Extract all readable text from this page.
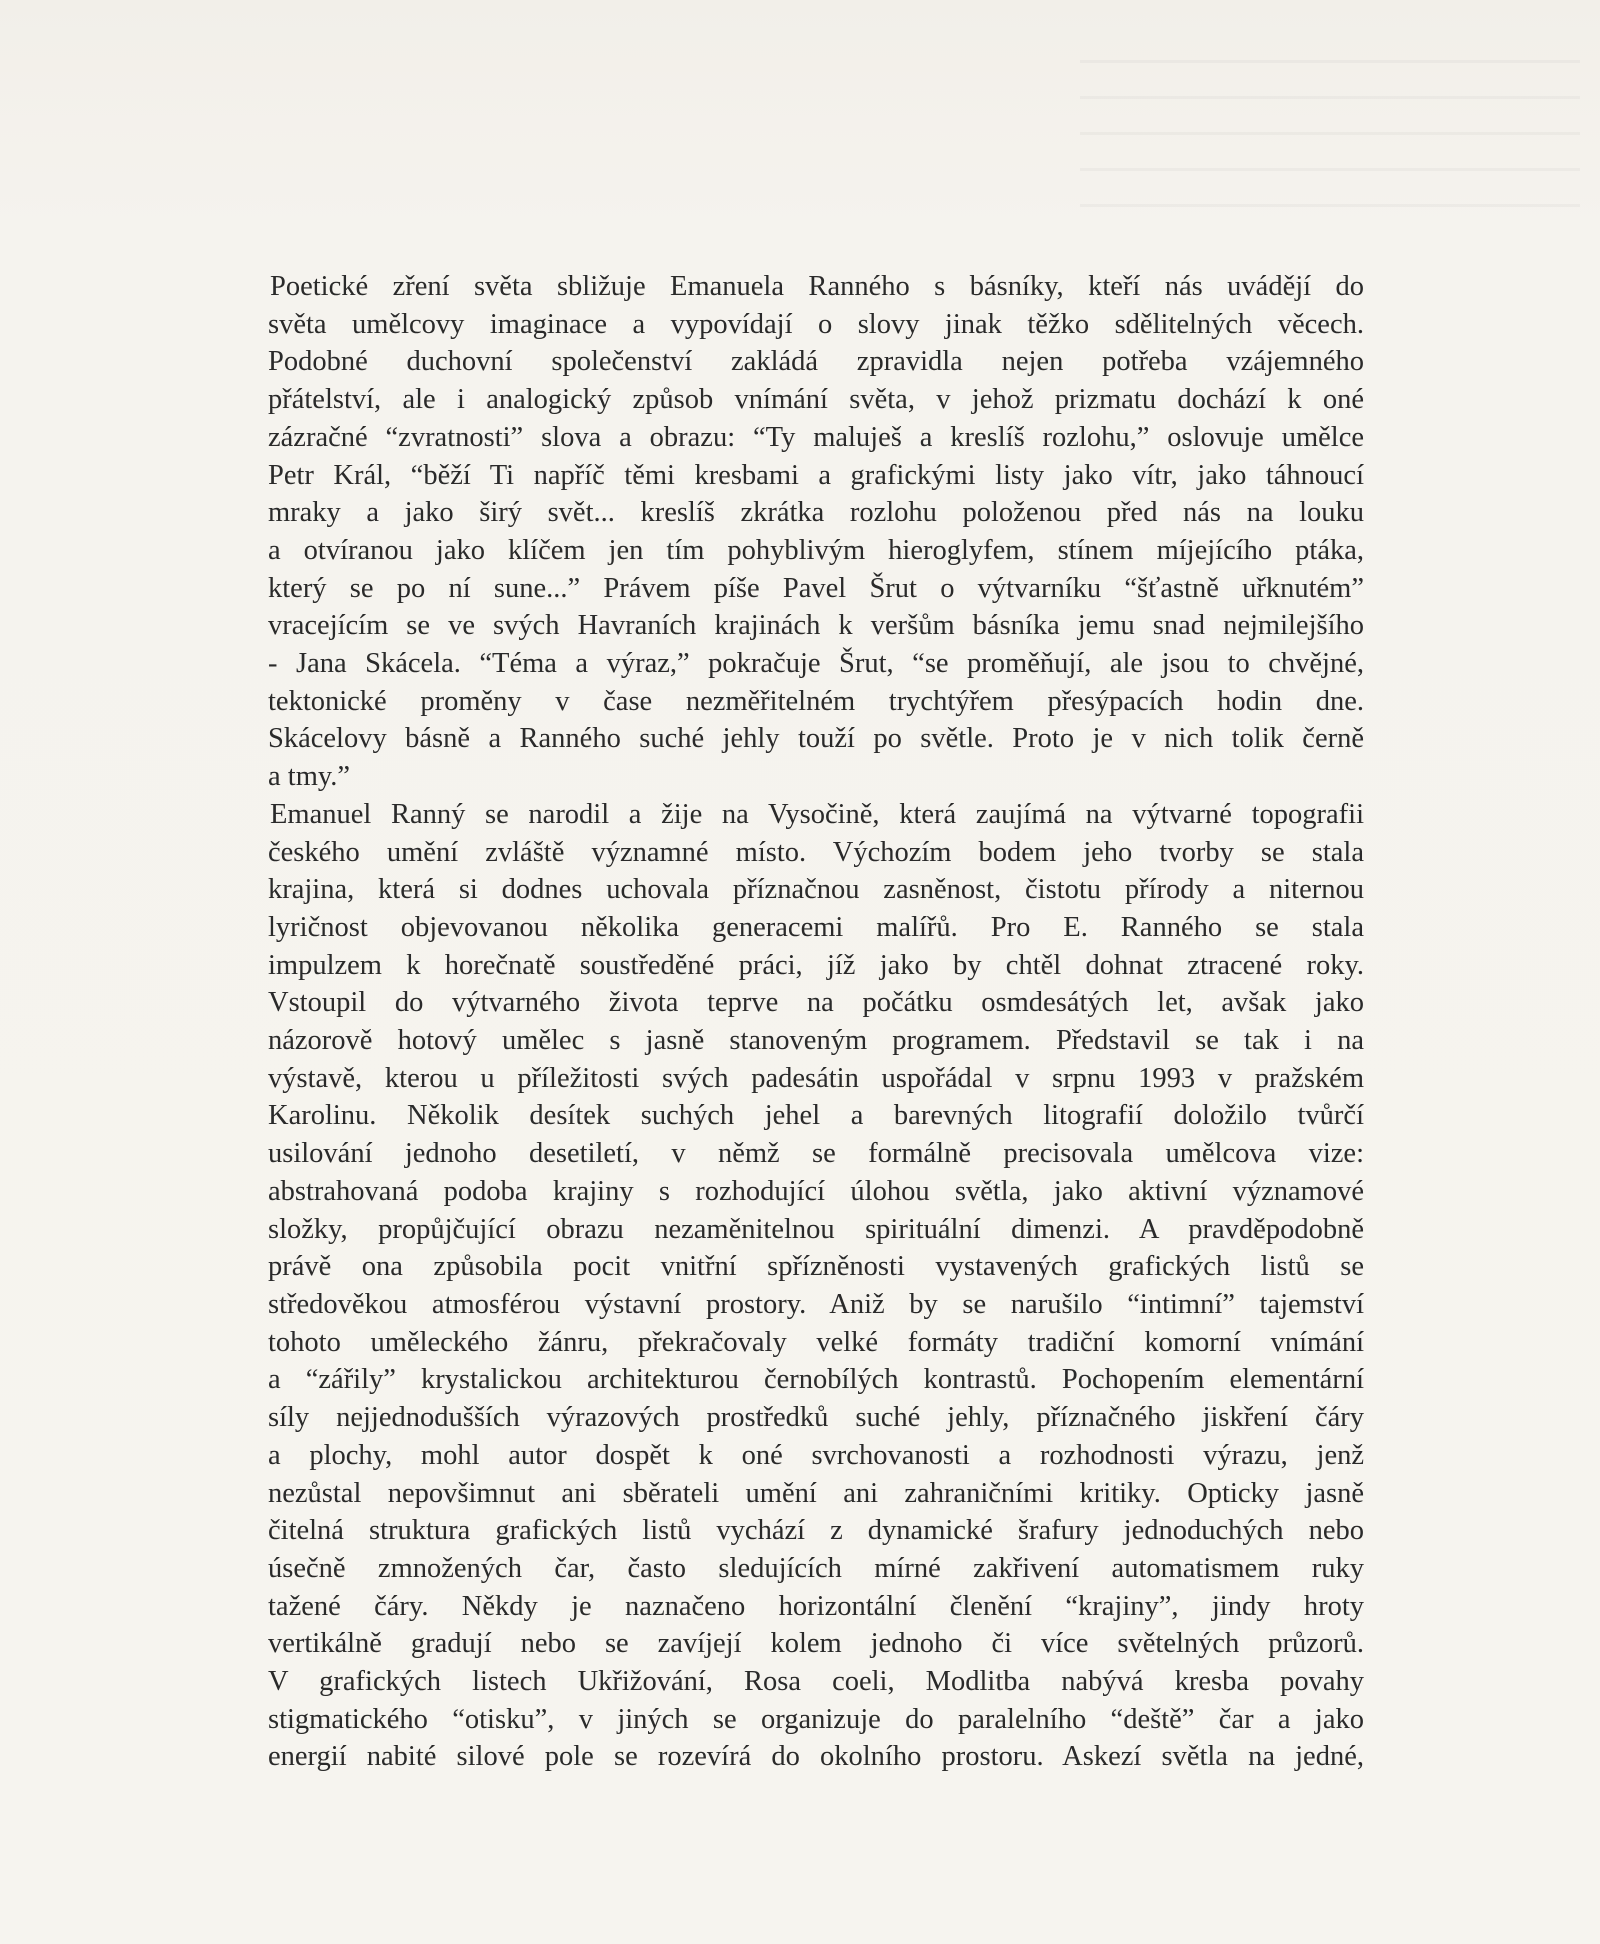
Poetické zření světa sbližuje Emanuela Ranného s básníky, kteří nás uvádějí do
světa umělcovy imaginace a vypovídají o slovy jinak těžko sdělitelných věcech.
Podobné duchovní společenství zakládá zpravidla nejen potřeba vzájemného
přátelství, ale i analogický způsob vnímání světa, v jehož prizmatu dochází k oné
zázračné “zvratnosti” slova a obrazu: “Ty maluješ a kreslíš rozlohu,” oslovuje umělce
Petr Král, “běží Ti napříč těmi kresbami a grafickými listy jako vítr, jako táhnoucí
mraky a jako širý svět... kreslíš zkrátka rozlohu položenou před nás na louku
a otvíranou jako klíčem jen tím pohyblivým hieroglyfem, stínem míjejícího ptáka,
který se po ní sune...” Právem píše Pavel Šrut o výtvarníku “šťastně uřknutém”
vracejícím se ve svých Havraních krajinách k veršům básníka jemu snad nejmilejšího
- Jana Skácela. “Téma a výraz,” pokračuje Šrut, “se proměňují, ale jsou to chvějné,
tektonické proměny v čase nezměřitelném trychtýřem přesýpacích hodin dne.
Skácelovy básně a Ranného suché jehly touží po světle. Proto je v nich tolik černě
a tmy.”
Emanuel Ranný se narodil a žije na Vysočině, která zaujímá na výtvarné topografii
českého umění zvláště významné místo. Výchozím bodem jeho tvorby se stala
krajina, která si dodnes uchovala příznačnou zasněnost, čistotu přírody a niternou
lyričnost objevovanou několika generacemi malířů. Pro E. Ranného se stala
impulzem k horečnatě soustředěné práci, jíž jako by chtěl dohnat ztracené roky.
Vstoupil do výtvarného života teprve na počátku osmdesátých let, avšak jako
názorově hotový umělec s jasně stanoveným programem. Představil se tak i na
výstavě, kterou u příležitosti svých padesátin uspořádal v srpnu 1993 v pražském
Karolinu. Několik desítek suchých jehel a barevných litografií doložilo tvůrčí
usilování jednoho desetiletí, v němž se formálně precisovala umělcova vize:
abstrahovaná podoba krajiny s rozhodující úlohou světla, jako aktivní významové
složky, propůjčující obrazu nezaměnitelnou spirituální dimenzi. A pravděpodobně
právě ona způsobila pocit vnitřní spřízněnosti vystavených grafických listů se
středověkou atmosférou výstavní prostory. Aniž by se narušilo “intimní” tajemství
tohoto uměleckého žánru, překračovaly velké formáty tradiční komorní vnímání
a “zářily” krystalickou architekturou černobílých kontrastů. Pochopením elementární
síly nejjednodušších výrazových prostředků suché jehly, příznačného jiskření čáry
a plochy, mohl autor dospět k oné svrchovanosti a rozhodnosti výrazu, jenž
nezůstal nepovšimnut ani sběrateli umění ani zahraničními kritiky. Opticky jasně
čitelná struktura grafických listů vychází z dynamické šrafury jednoduchých nebo
úsečně zmnožených čar, často sledujících mírné zakřivení automatismem ruky
tažené čáry. Někdy je naznačeno horizontální členění “krajiny”, jindy hroty
vertikálně gradují nebo se zavíjejí kolem jednoho či více světelných průzorů.
V grafických listech Ukřižování, Rosa coeli, Modlitba nabývá kresba povahy
stigmatického “otisku”, v jiných se organizuje do paralelního “deště” čar a jako
energií nabité silové pole se rozevírá do okolního prostoru. Askezí světla na jedné,
